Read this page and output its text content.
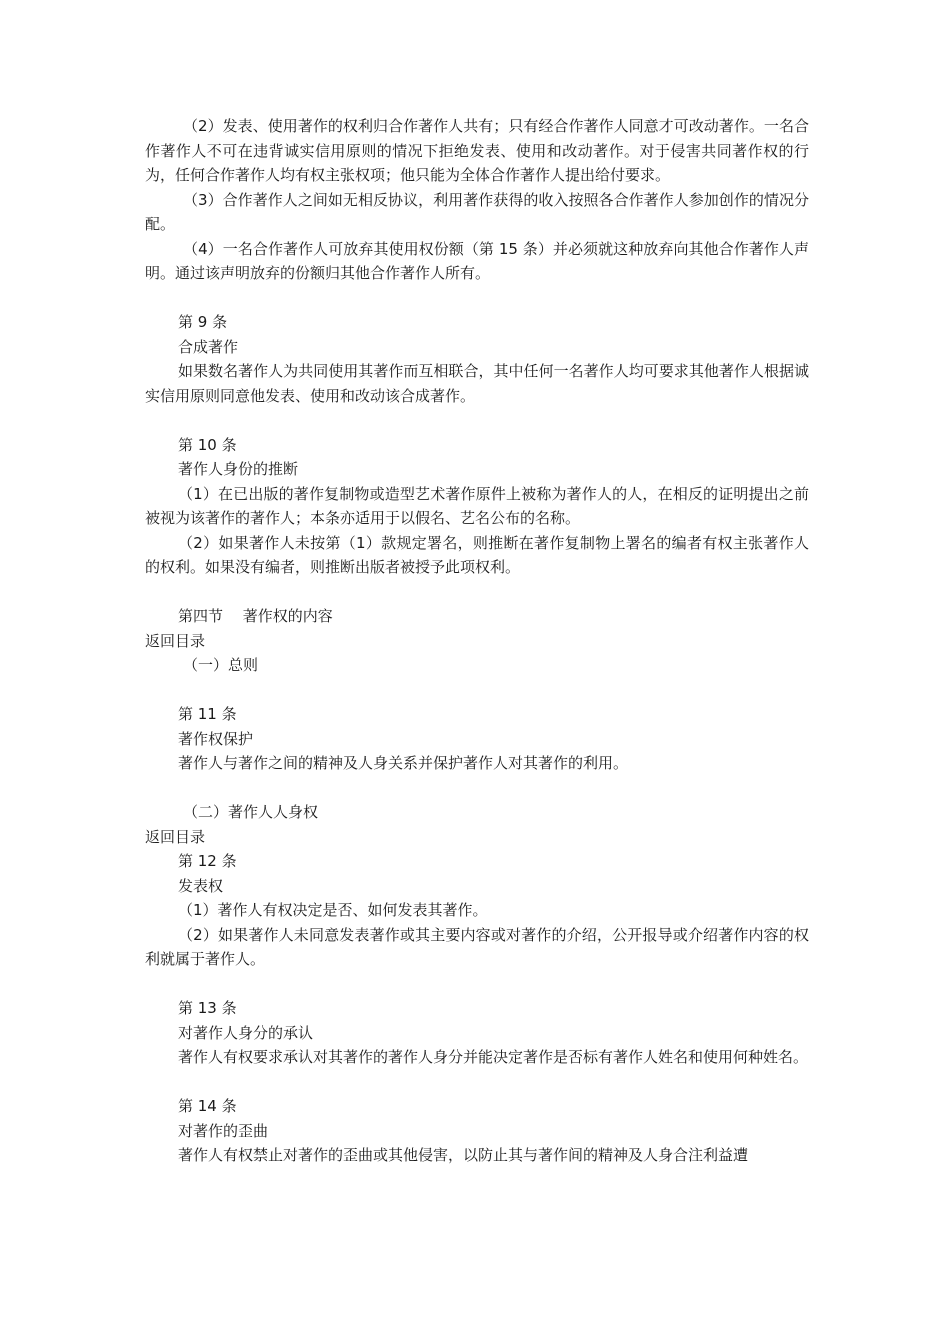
（2）发表、使用著作的权利归合作著作人共有；只有经合作著作人同意才可改动著作。一名合作著作人不可在违背诚实信用原则的情况下拒绝发表、使用和改动著作。对于侵害共同著作权的行为，任何合作著作人均有权主张权项；他只能为全体合作著作人提出给付要求。

（3）合作著作人之间如无相反协议，利用著作获得的收入按照各合作著作人参加创作的情况分配。

（4）一名合作著作人可放弃其使用权份额（第 15 条）并必须就这种放弃向其他合作著作人声明。通过该声明放弃的份额归其他合作著作人所有。

第 9 条

合成著作

如果数名著作人为共同使用其著作而互相联合，其中任何一名著作人均可要求其他著作人根据诚实信用原则同意他发表、使用和改动该合成著作。

第 10 条

著作人身份的推断

（1）在已出版的著作复制物或造型艺术著作原件上被称为著作人的人，在相反的证明提出之前被视为该著作的著作人；本条亦适用于以假名、艺名公布的名称。

（2）如果著作人未按第（1）款规定署名，则推断在著作复制物上署名的编者有权主张著作人的权利。如果没有编者，则推断出版者被授予此项权利。

第四节　 著作权的内容

返回目录

（一）总则

第 11 条

著作权保护

著作人与著作之间的精神及人身关系并保护著作人对其著作的利用。

（二）著作人人身权

返回目录

第 12 条

发表权

（1）著作人有权决定是否、如何发表其著作。

（2）如果著作人未同意发表著作或其主要内容或对著作的介绍，公开报导或介绍著作内容的权利就属于著作人。

第 13 条

对著作人身分的承认

著作人有权要求承认对其著作的著作人身分并能决定著作是否标有著作人姓名和使用何种姓名。

第 14 条

对著作的歪曲

著作人有权禁止对著作的歪曲或其他侵害，以防止其与著作间的精神及人身合注利益遭
